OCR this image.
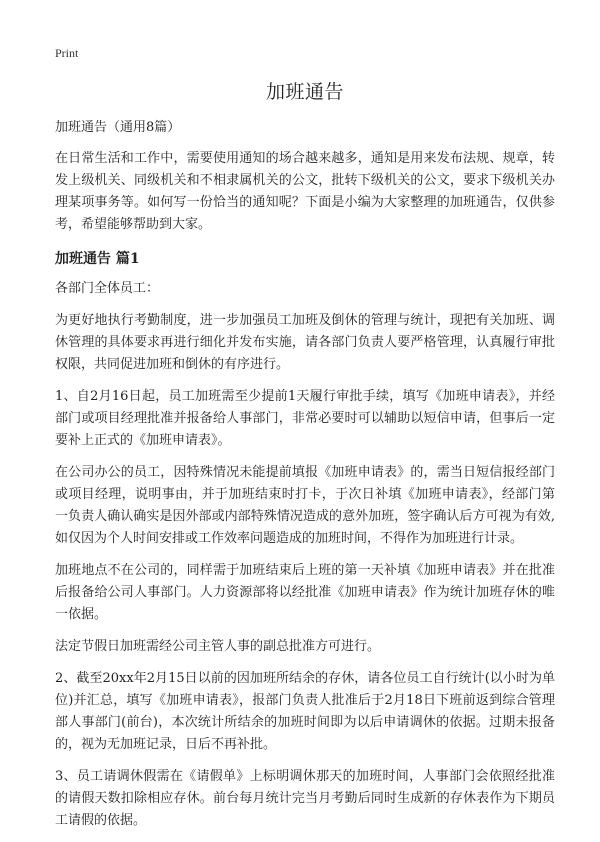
Print
加班通告

加班通告（通用8篇）

在日常生活和工作中，需要使用通知的场合越来越多，通知是用来发布法规、规章，转发上级机关、同级机关和不相隶属机关的公文，批转下级机关的公文，要求下级机关办理某项事务等。如何写一份恰当的通知呢？下面是小编为大家整理的加班通告，仅供参考，希望能够帮助到大家。

加班通告 篇1

各部门全体员工：

为更好地执行考勤制度，进一步加强员工加班及倒休的管理与统计，现把有关加班、调休管理的具体要求再进行细化并发布实施，请各部门负责人要严格管理，认真履行审批权限，共同促进加班和倒休的有序进行。

1、自2月16日起，员工加班需至少提前1天履行审批手续，填写《加班申请表》，并经部门或项目经理批准并报备给人事部门，非常必要时可以辅助以短信申请，但事后一定要补上正式的《加班申请表》。

在公司办公的员工，因特殊情况未能提前填报《加班申请表》的，需当日短信报经部门或项目经理，说明事由，并于加班结束时打卡，于次日补填《加班申请表》，经部门第一负责人确认确实是因外部或内部特殊情况造成的意外加班，签字确认后方可视为有效,如仅因为个人时间安排或工作效率问题造成的加班时间，不得作为加班进行计录。

加班地点不在公司的，同样需于加班结束后上班的第一天补填《加班申请表》并在批准后报备给公司人事部门。人力资源部将以经批准《加班申请表》作为统计加班存休的唯一依据。

法定节假日加班需经公司主管人事的副总批准方可进行。

2、截至20xx年2月15日以前的因加班所结余的存休，请各位员工自行统计(以小时为单位)并汇总，填写《加班申请表》，报部门负责人批准后于2月18日下班前返到综合管理部人事部门(前台)，本次统计所结余的加班时间即为以后申请调休的依据。过期未报备的，视为无加班记录，日后不再补批。

3、员工请调休假需在《请假单》上标明调休那天的加班时间，人事部门会依照经批准的请假天数扣除相应存休。前台每月统计完当月考勤后同时生成新的存休表作为下期员工请假的依据。
